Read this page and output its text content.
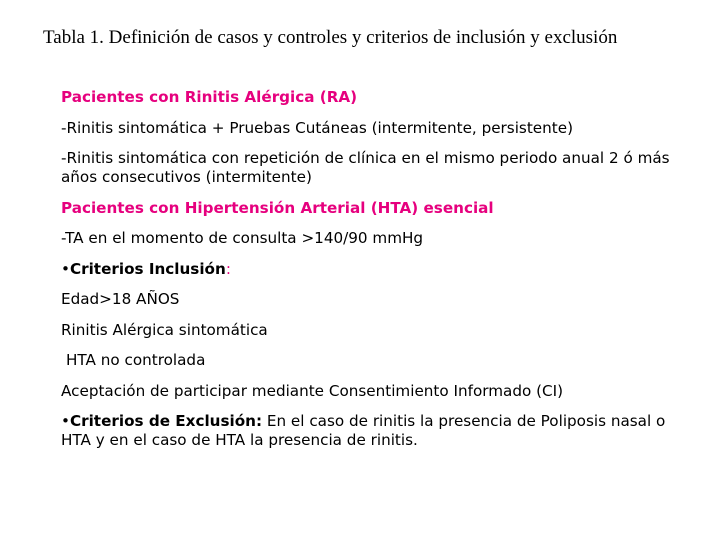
Tabla 1. Definición de casos y controles y criterios de inclusión y exclusión
Pacientes con Rinitis Alérgica (RA)
-Rinitis sintomática + Pruebas Cutáneas (intermitente, persistente)
-Rinitis sintomática con repetición de clínica en el mismo periodo anual 2 ó más años consecutivos (intermitente)
Pacientes con Hipertensión Arterial (HTA) esencial
-TA en el momento de consulta >140/90 mmHg
•Criterios Inclusión:
Edad>18 AÑOS
Rinitis Alérgica sintomática
HTA no controlada
Aceptación de participar mediante Consentimiento Informado (CI)
•Criterios de Exclusión: En el caso de rinitis la presencia de Poliposis nasal o HTA y en el caso de HTA la presencia de rinitis.
